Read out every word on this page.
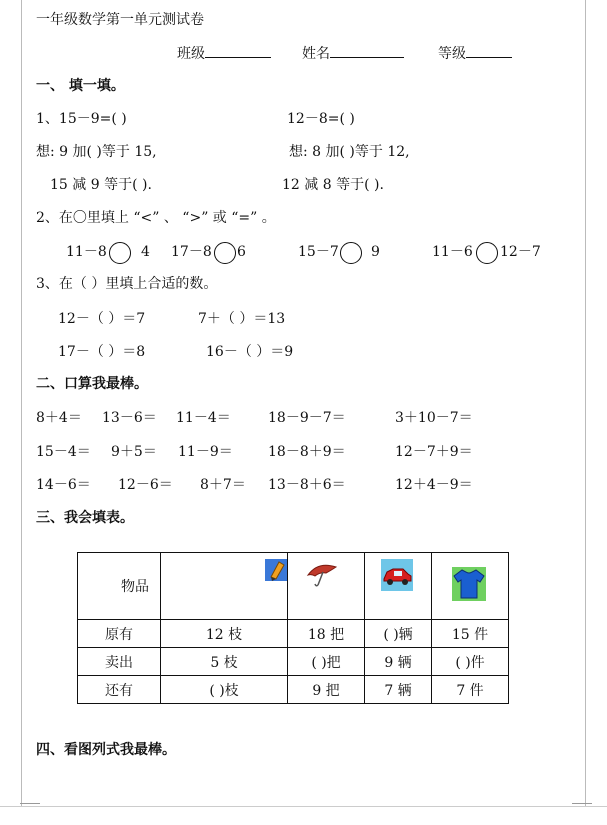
一年级数学第一单元测试卷
班级	姓名	等级
一、 填一填。
1、15－9=( )	12－8=( )
想: 9 加( )等于 15,	想: 8 加( )等于 12,
15 减 9 等于( ).	12 减 8 等于( ).
2、在〇里填上 “<” 、 “>” 或 “=” 。
11－8 4 17－8 6	15－7 9	11－6 12－7
3、在（ ）里填上合适的数。
12－（ ）＝7	7＋（ ）＝13
17－（ ）＝8	16－（ ）＝9
二、口算我最棒。
8＋4＝ 13－6＝ 11－4＝	18－9－7＝	3＋10－7＝
15－4＝ 9＋5＝ 11－9＝	18－8＋9＝	12－7＋9＝
14－6＝ 12－6＝ 8＋7＝ 13－8＋6＝	12＋4－9＝
三、我会填表。
物品				
原有	12 枝	18 把	( )辆	15 件
卖出	5 枝	( )把	9 辆	( )件
还有	( )枝	9 把	7 辆	7 件
四、看图列式我最棒。
